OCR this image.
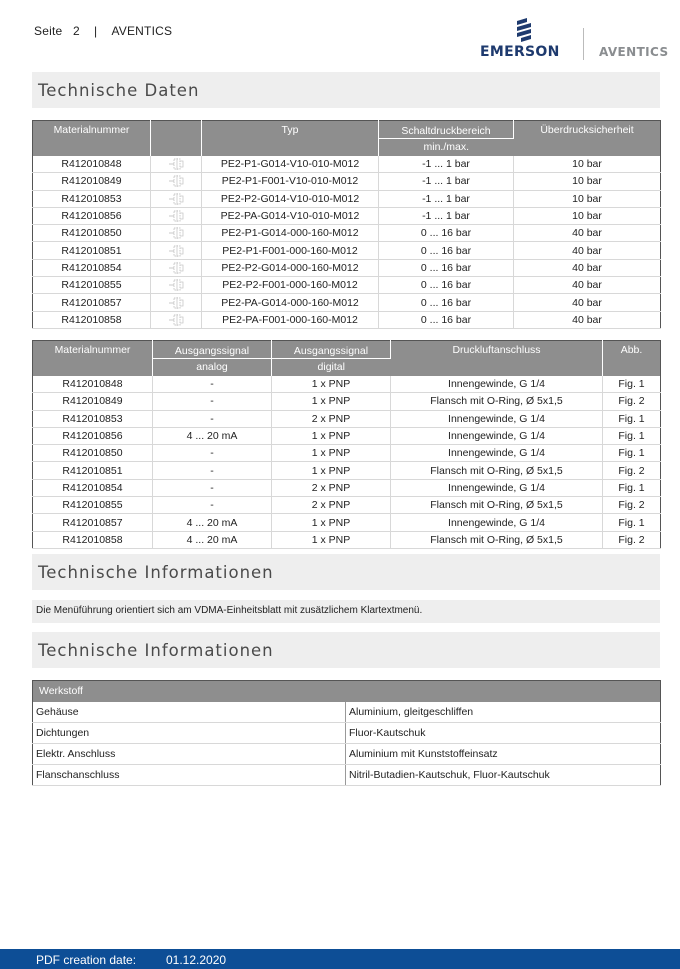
Seite 2 | AVENTICS
EMERSON	AVENTICS
Technische Daten
Materialnummer		Typ	Schaltdruckbereich	Überdrucksicherheit
			min./max.	
R412010848		PE2-P1-G014-V10-010-M012	-1 ... 1 bar	10 bar
R412010849		PE2-P1-F001-V10-010-M012	-1 ... 1 bar	10 bar
R412010853		PE2-P2-G014-V10-010-M012	-1 ... 1 bar	10 bar
R412010856		PE2-PA-G014-V10-010-M012	-1 ... 1 bar	10 bar
R412010850		PE2-P1-G014-000-160-M012	0 ... 16 bar	40 bar
R412010851		PE2-P1-F001-000-160-M012	0 ... 16 bar	40 bar
R412010854		PE2-P2-G014-000-160-M012	0 ... 16 bar	40 bar
R412010855		PE2-P2-F001-000-160-M012	0 ... 16 bar	40 bar
R412010857		PE2-PA-G014-000-160-M012	0 ... 16 bar	40 bar
R412010858		PE2-PA-F001-000-160-M012	0 ... 16 bar	40 bar
Materialnummer	Ausgangssignal	Ausgangssignal	Druckluftanschluss	Abb.
	analog	digital		
R412010848	-	1 x PNP	Innengewinde, G 1/4	Fig. 1
R412010849	-	1 x PNP	Flansch mit O-Ring, Ø 5x1,5	Fig. 2
R412010853	-	2 x PNP	Innengewinde, G 1/4	Fig. 1
R412010856	4 ... 20 mA	1 x PNP	Innengewinde, G 1/4	Fig. 1
R412010850	-	1 x PNP	Innengewinde, G 1/4	Fig. 1
R412010851	-	1 x PNP	Flansch mit O-Ring, Ø 5x1,5	Fig. 2
R412010854	-	2 x PNP	Innengewinde, G 1/4	Fig. 1
R412010855	-	2 x PNP	Flansch mit O-Ring, Ø 5x1,5	Fig. 2
R412010857	4 ... 20 mA	1 x PNP	Innengewinde, G 1/4	Fig. 1
R412010858	4 ... 20 mA	1 x PNP	Flansch mit O-Ring, Ø 5x1,5	Fig. 2
Technische Informationen
Die Menüführung orientiert sich am VDMA-Einheitsblatt mit zusätzlichem Klartextmenü.
Technische Informationen
Werkstoff	
Gehäuse	Aluminium, gleitgeschliffen
Dichtungen	Fluor-Kautschuk
Elektr. Anschluss	Aluminium mit Kunststoffeinsatz
Flanschanschluss	Nitril-Butadien-Kautschuk, Fluor-Kautschuk
PDF creation date: 01.12.2020
